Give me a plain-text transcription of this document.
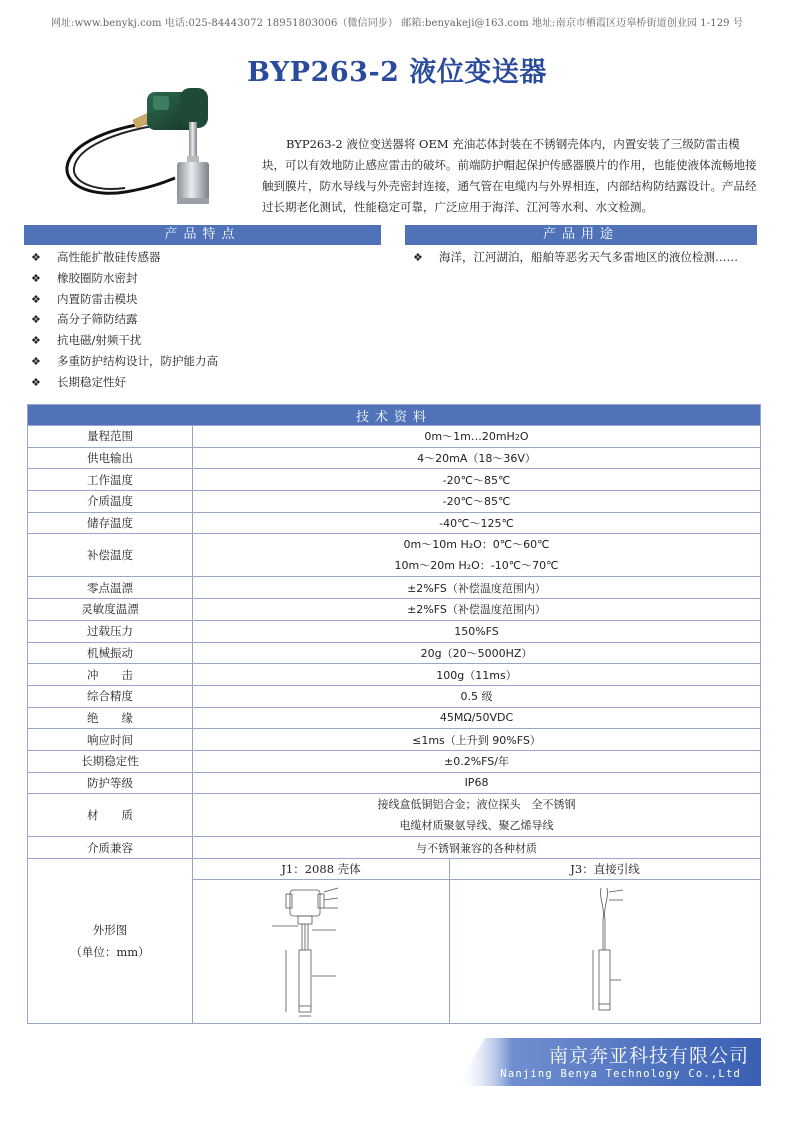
网址:www.benykj.com 电话:025-84443072 18951803006（微信同步） 邮箱:benyakeji@163.com 地址:南京市栖霞区迈皋桥街道创业园 1-129 号
BYP263-2 液位变送器

BYP263-2 液位变送器将 OEM 充油芯体封装在不锈钢壳体内，内置安装了三级防雷击模块，可以有效地防止感应雷击的破坏。前端防护帽起保护传感器膜片的作用，也能使液体流畅地接触到膜片，防水导线与外壳密封连接，通气管在电缆内与外界相连，内部结构防结露设计。产品经过长期老化测试，性能稳定可靠，广泛应用于海洋、江河等水利、水文检测。

产品特点	产品用途
❖ 高性能扩散硅传感器
❖ 橡胶圈防水密封
❖ 内置防雷击模块
❖ 高分子筛防结露
❖ 抗电磁/射频干扰
❖ 多重防护结构设计，防护能力高
❖ 长期稳定性好
❖ 海洋，江河湖泊，船舶等恶劣天气多雷地区的液位检测……
技术资料		
量程范围	0m～1m…20mH2O	
供电输出	4～20mA（18～36V）	
工作温度	-20℃～85℃	
介质温度	-20℃～85℃	
储存温度	-40℃～125℃	
补偿温度	0m～10m H₂O：0℃～60℃
10m～20m H₂O：-10℃～70℃	

零点温漂	±2%FS（补偿温度范围内）	
灵敏度温漂	±2%FS（补偿温度范围内）	
过载压力	150%FS	
机械振动	20g（20～5000HZ）	
冲　　击	100g（11ms）	
综合精度	0.5 级	
绝　　缘	45MΩ/50VDC	
响应时间	≤1ms（上升到 90%FS）	
长期稳定性	±0.2%FS/年	
防护等级	IP68	
材　　质	接线盒低铜铝合金；液位探头　全不锈钢
电缆材质聚氨导线、聚乙烯导线	

介质兼容	与不锈钢兼容的各种材质	

外形图
（单位：mm）	J1：2088 壳体	J3：直接引线

南京奔亚科技有限公司
Nanjing Benya Technology Co.,Ltd
